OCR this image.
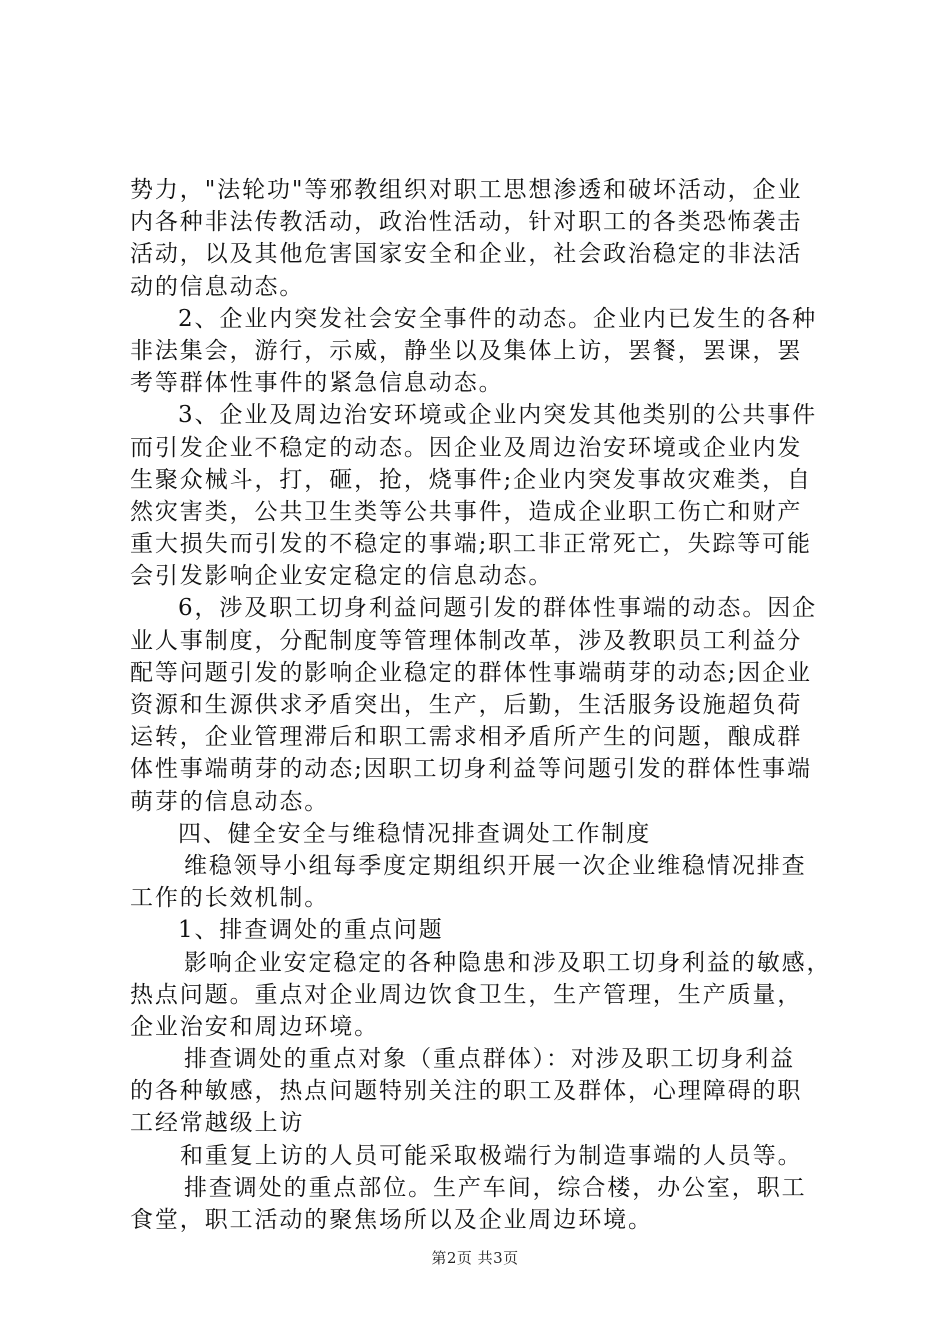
势力，"法轮功"等邪教组织对职工思想渗透和破坏活动，企业
内各种非法传教活动，政治性活动，针对职工的各类恐怖袭击
活动，以及其他危害国家安全和企业，社会政治稳定的非法活
动的信息动态。
2、企业内突发社会安全事件的动态。企业内已发生的各种
非法集会，游行，示威，静坐以及集体上访，罢餐，罢课，罢
考等群体性事件的紧急信息动态。
3、企业及周边治安环境或企业内突发其他类别的公共事件
而引发企业不稳定的动态。因企业及周边治安环境或企业内发
生聚众械斗，打，砸，抢，烧事件;企业内突发事故灾难类，自
然灾害类，公共卫生类等公共事件，造成企业职工伤亡和财产
重大损失而引发的不稳定的事端;职工非正常死亡，失踪等可能
会引发影响企业安定稳定的信息动态。
6，涉及职工切身利益问题引发的群体性事端的动态。因企
业人事制度，分配制度等管理体制改革，涉及教职员工利益分
配等问题引发的影响企业稳定的群体性事端萌芽的动态;因企业
资源和生源供求矛盾突出，生产，后勤，生活服务设施超负荷
运转，企业管理滞后和职工需求相矛盾所产生的问题，酿成群
体性事端萌芽的动态;因职工切身利益等问题引发的群体性事端
萌芽的信息动态。
四、健全安全与维稳情况排查调处工作制度
维稳领导小组每季度定期组织开展一次企业维稳情况排查
工作的长效机制。
1、排查调处的重点问题
影响企业安定稳定的各种隐患和涉及职工切身利益的敏感，
热点问题。重点对企业周边饮食卫生，生产管理，生产质量，
企业治安和周边环境。
排查调处的重点对象（重点群体）：对涉及职工切身利益
的各种敏感，热点问题特别关注的职工及群体，心理障碍的职
工经常越级上访
和重复上访的人员可能采取极端行为制造事端的人员等。
排查调处的重点部位。生产车间，综合楼，办公室，职工
食堂，职工活动的聚焦场所以及企业周边环境。
第2页 共3页
